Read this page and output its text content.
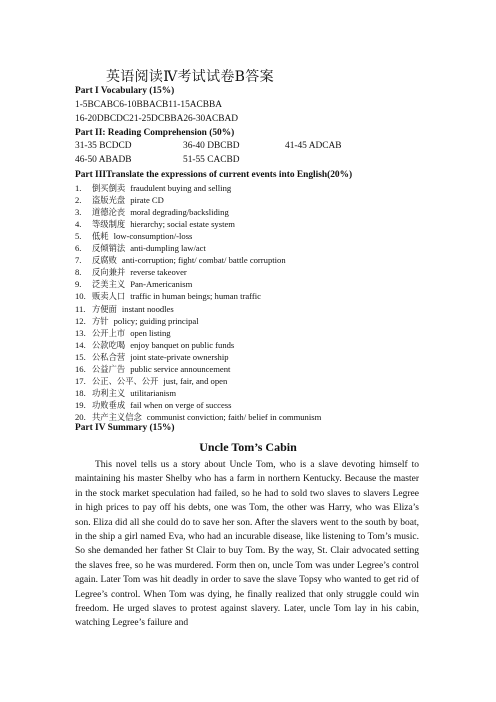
英语阅读Ⅳ考试试卷B答案
Part I Vocabulary (15%)
1-5BCABC6-10BBACB11-15ACBBA
16-20DBCDC21-25DCBBA26-30ACBAD
Part II: Reading Comprehension (50%)
31-35 BCDCD	36-40 DBCBD	41-45 ADCAB
46-50 ABADB	51-55 CACBD
Part IIITranslate the expressions of current events into English(20%)
1. 倒买倒卖 fraudulent buying and selling
2. 盗版光盘 pirate CD
3. 道德沦丧 moral degrading/backsliding
4. 等级制度 hierarchy; social estate system
5. 低耗 low-consumption/-loss
6. 反倾销法 anti-dumpling law/act
7. 反腐败 anti-corruption; fight/ combat/ battle corruption
8. 反向兼并 reverse takeover
9. 泛美主义 Pan-Americanism
10. 贩卖人口 traffic in human beings; human traffic
11. 方便面 instant noodles
12. 方针 policy; guiding principal
13. 公开上市 open listing
14. 公款吃喝 enjoy banquet on public funds
15. 公私合营 joint state-private ownership
16. 公益广告 public service announcement
17. 公正、公平、公开 just, fair, and open
18. 功利主义 utilitarianism
19. 功败垂成 fail when on verge of success
20. 共产主义信念 communist conviction; faith/ belief in communism
Part IV Summary (15%)
Uncle Tom’s Cabin
This novel tells us a story about Uncle Tom, who is a slave devoting himself to maintaining his master Shelby who has a farm in northern Kentucky. Because the master in the stock market speculation had failed, so he had to sold two slaves to slavers Legree in high prices to pay off his debts, one was Tom, the other was Harry, who was Eliza’s son. Eliza did all she could do to save her son. After the slavers went to the south by boat, in the ship a girl named Eva, who had an incurable disease, like listening to Tom’s music. So she demanded her father St Clair to buy Tom. By the way, St. Clair advocated setting the slaves free, so he was murdered. Form then on, uncle Tom was under Legree’s control again. Later Tom was hit deadly in order to save the slave Topsy who wanted to get rid of Legree’s control. When Tom was dying, he finally realized that only struggle could win freedom. He urged slaves to protest against slavery. Later, uncle Tom lay in his cabin, watching Legree’s failure and
